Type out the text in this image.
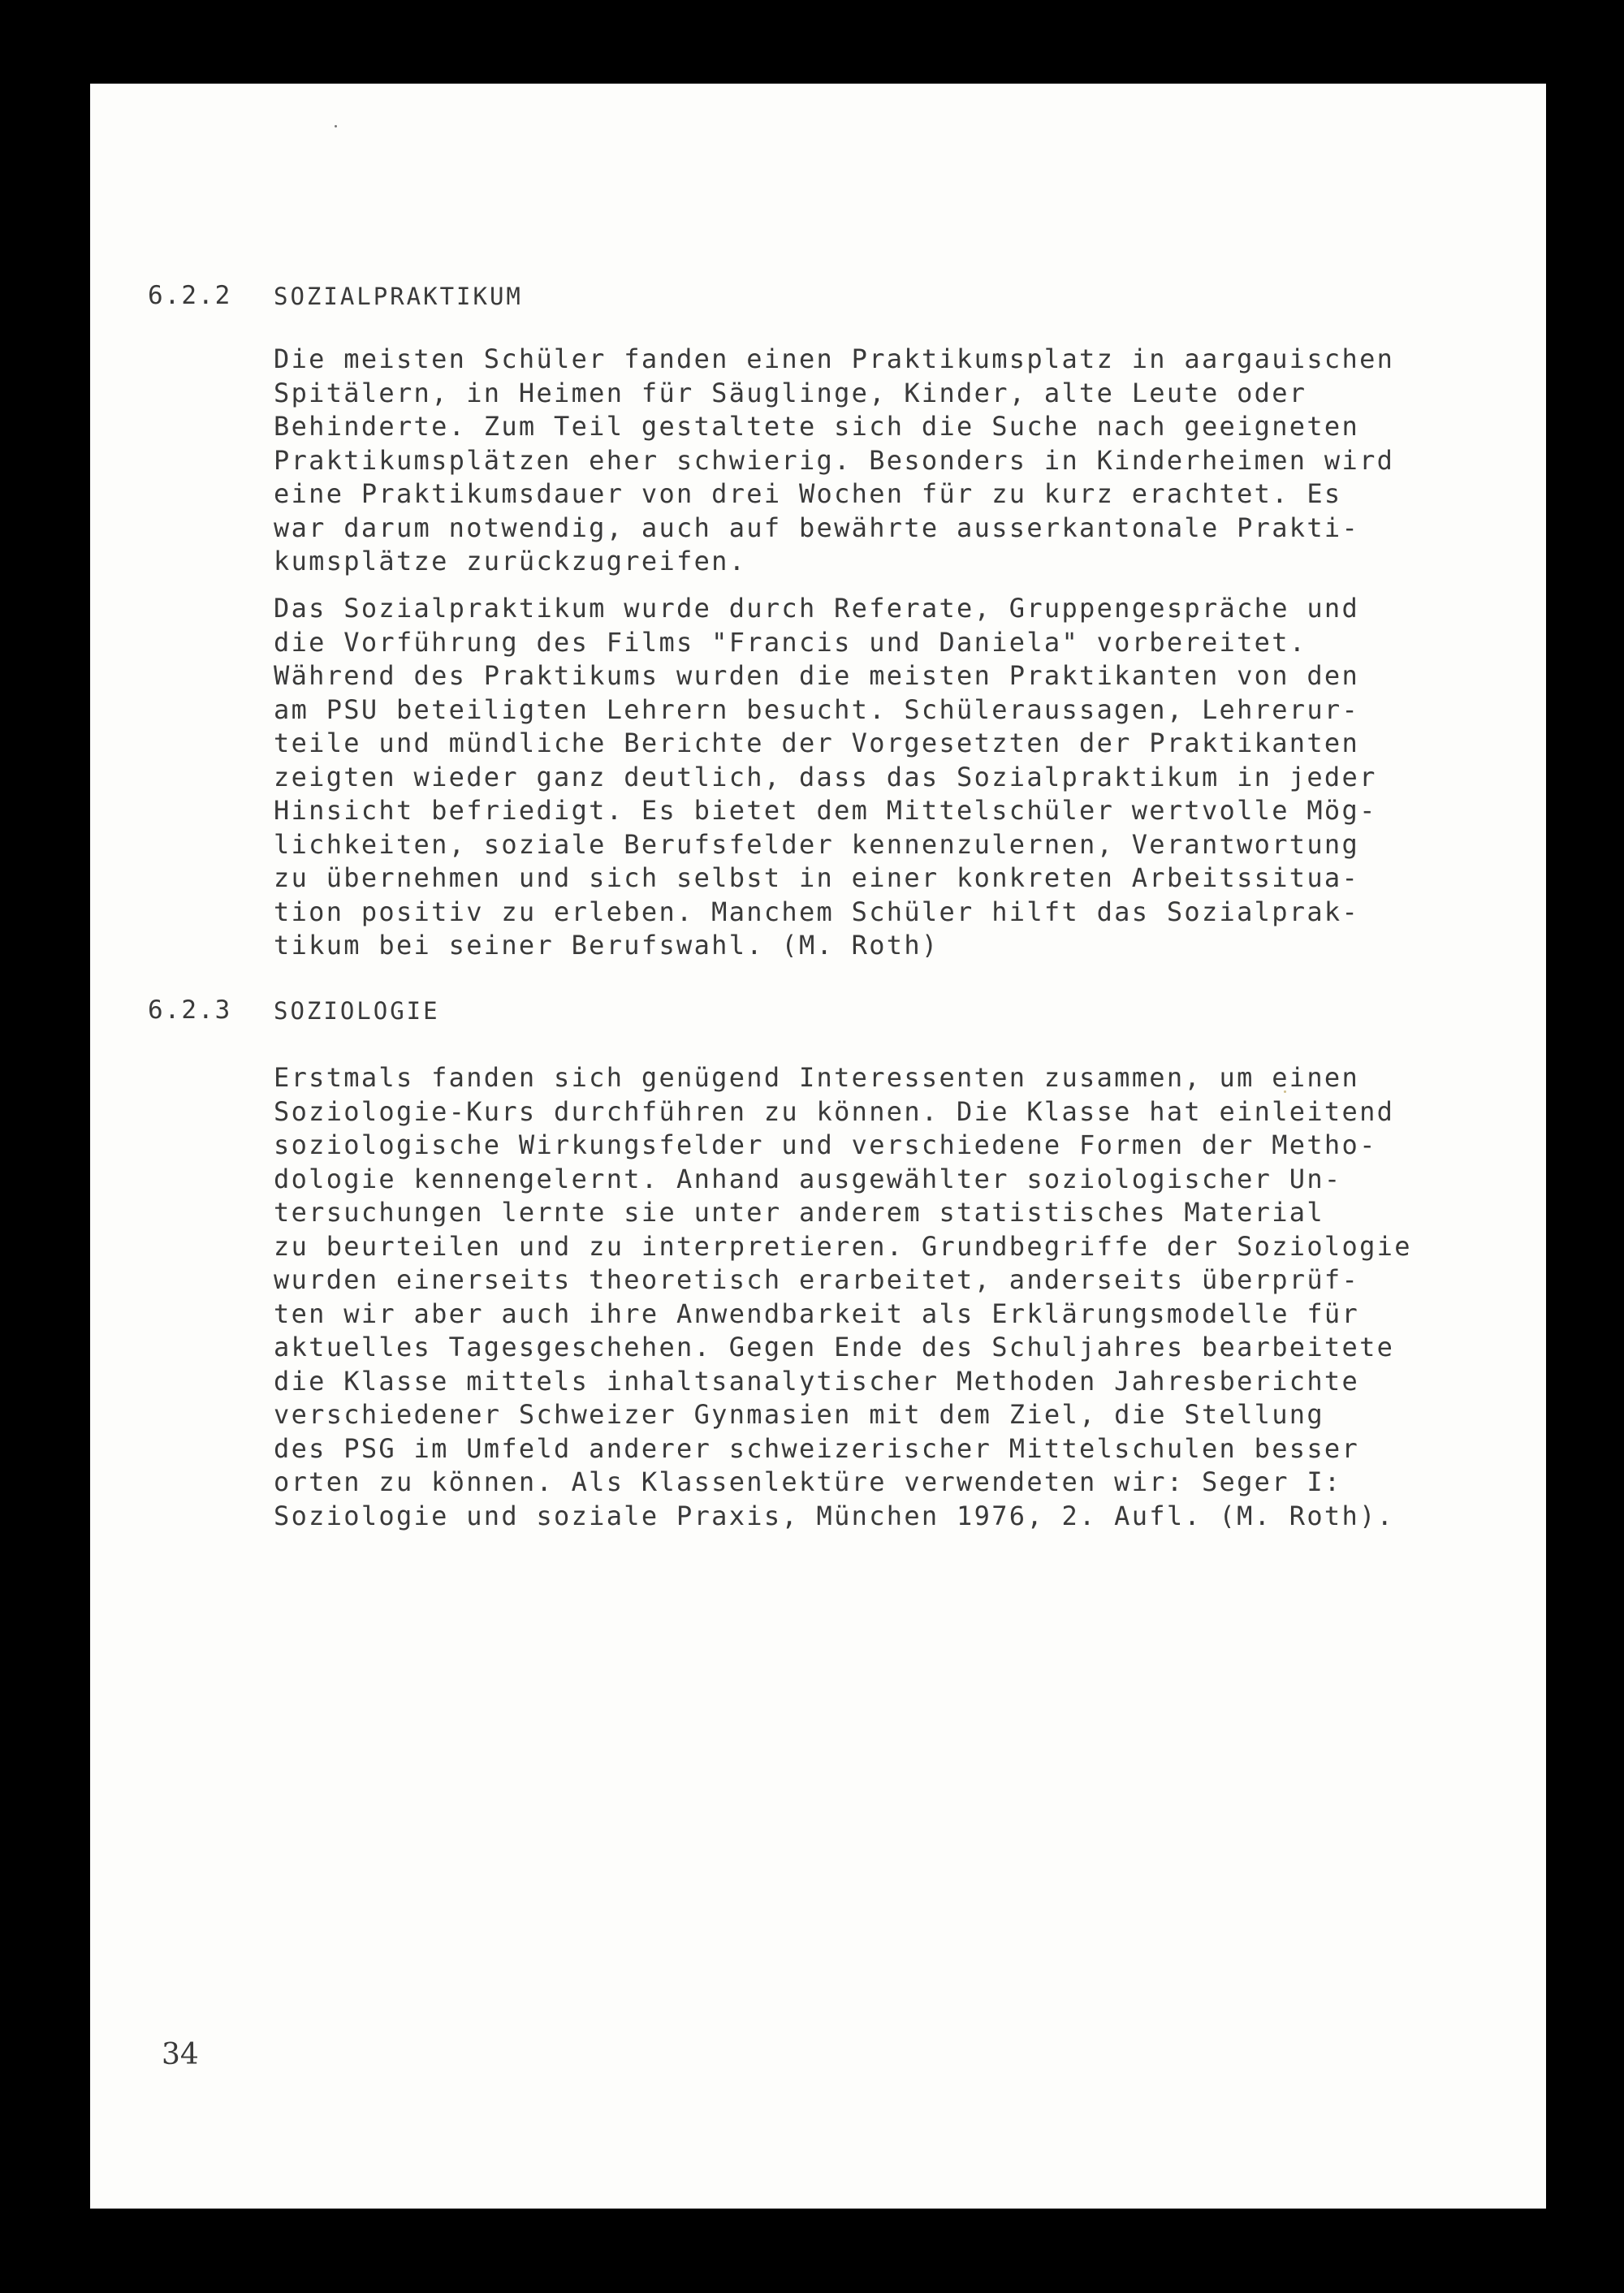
6.2.2 SOZIALPRAKTIKUM
Die meisten Schüler fanden einen Praktikumsplatz in aargauischen
Spitälern, in Heimen für Säuglinge, Kinder, alte Leute oder
Behinderte. Zum Teil gestaltete sich die Suche nach geeigneten
Praktikumsplätzen eher schwierig. Besonders in Kinderheimen wird
eine Praktikumsdauer von drei Wochen für zu kurz erachtet. Es
war darum notwendig, auch auf bewährte ausserkantonale Prakti-
kumsplätze zurückzugreifen.
Das Sozialpraktikum wurde durch Referate, Gruppengespräche und
die Vorführung des Films "Francis und Daniela" vorbereitet.
Während des Praktikums wurden die meisten Praktikanten von den
am PSU beteiligten Lehrern besucht. Schüleraussagen, Lehrerur-
teile und mündliche Berichte der Vorgesetzten der Praktikanten
zeigten wieder ganz deutlich, dass das Sozialpraktikum in jeder
Hinsicht befriedigt. Es bietet dem Mittelschüler wertvolle Mög-
lichkeiten, soziale Berufsfelder kennenzulernen, Verantwortung
zu übernehmen und sich selbst in einer konkreten Arbeitssitua-
tion positiv zu erleben. Manchem Schüler hilft das Sozialprak-
tikum bei seiner Berufswahl. (M. Roth)
6.2.3 SOZIOLOGIE
Erstmals fanden sich genügend Interessenten zusammen, um einen
Soziologie-Kurs durchführen zu können. Die Klasse hat einleitend
soziologische Wirkungsfelder und verschiedene Formen der Metho-
dologie kennengelernt. Anhand ausgewählter soziologischer Un-
tersuchungen lernte sie unter anderem statistisches Material
zu beurteilen und zu interpretieren. Grundbegriffe der Soziologie
wurden einerseits theoretisch erarbeitet, anderseits überprüf-
ten wir aber auch ihre Anwendbarkeit als Erklärungsmodelle für
aktuelles Tagesgeschehen. Gegen Ende des Schuljahres bearbeitete
die Klasse mittels inhaltsanalytischer Methoden Jahresberichte
verschiedener Schweizer Gynmasien mit dem Ziel, die Stellung
des PSG im Umfeld anderer schweizerischer Mittelschulen besser
orten zu können. Als Klassenlektüre verwendeten wir: Seger I:
Soziologie und soziale Praxis, München 1976, 2. Aufl. (M. Roth).
34
